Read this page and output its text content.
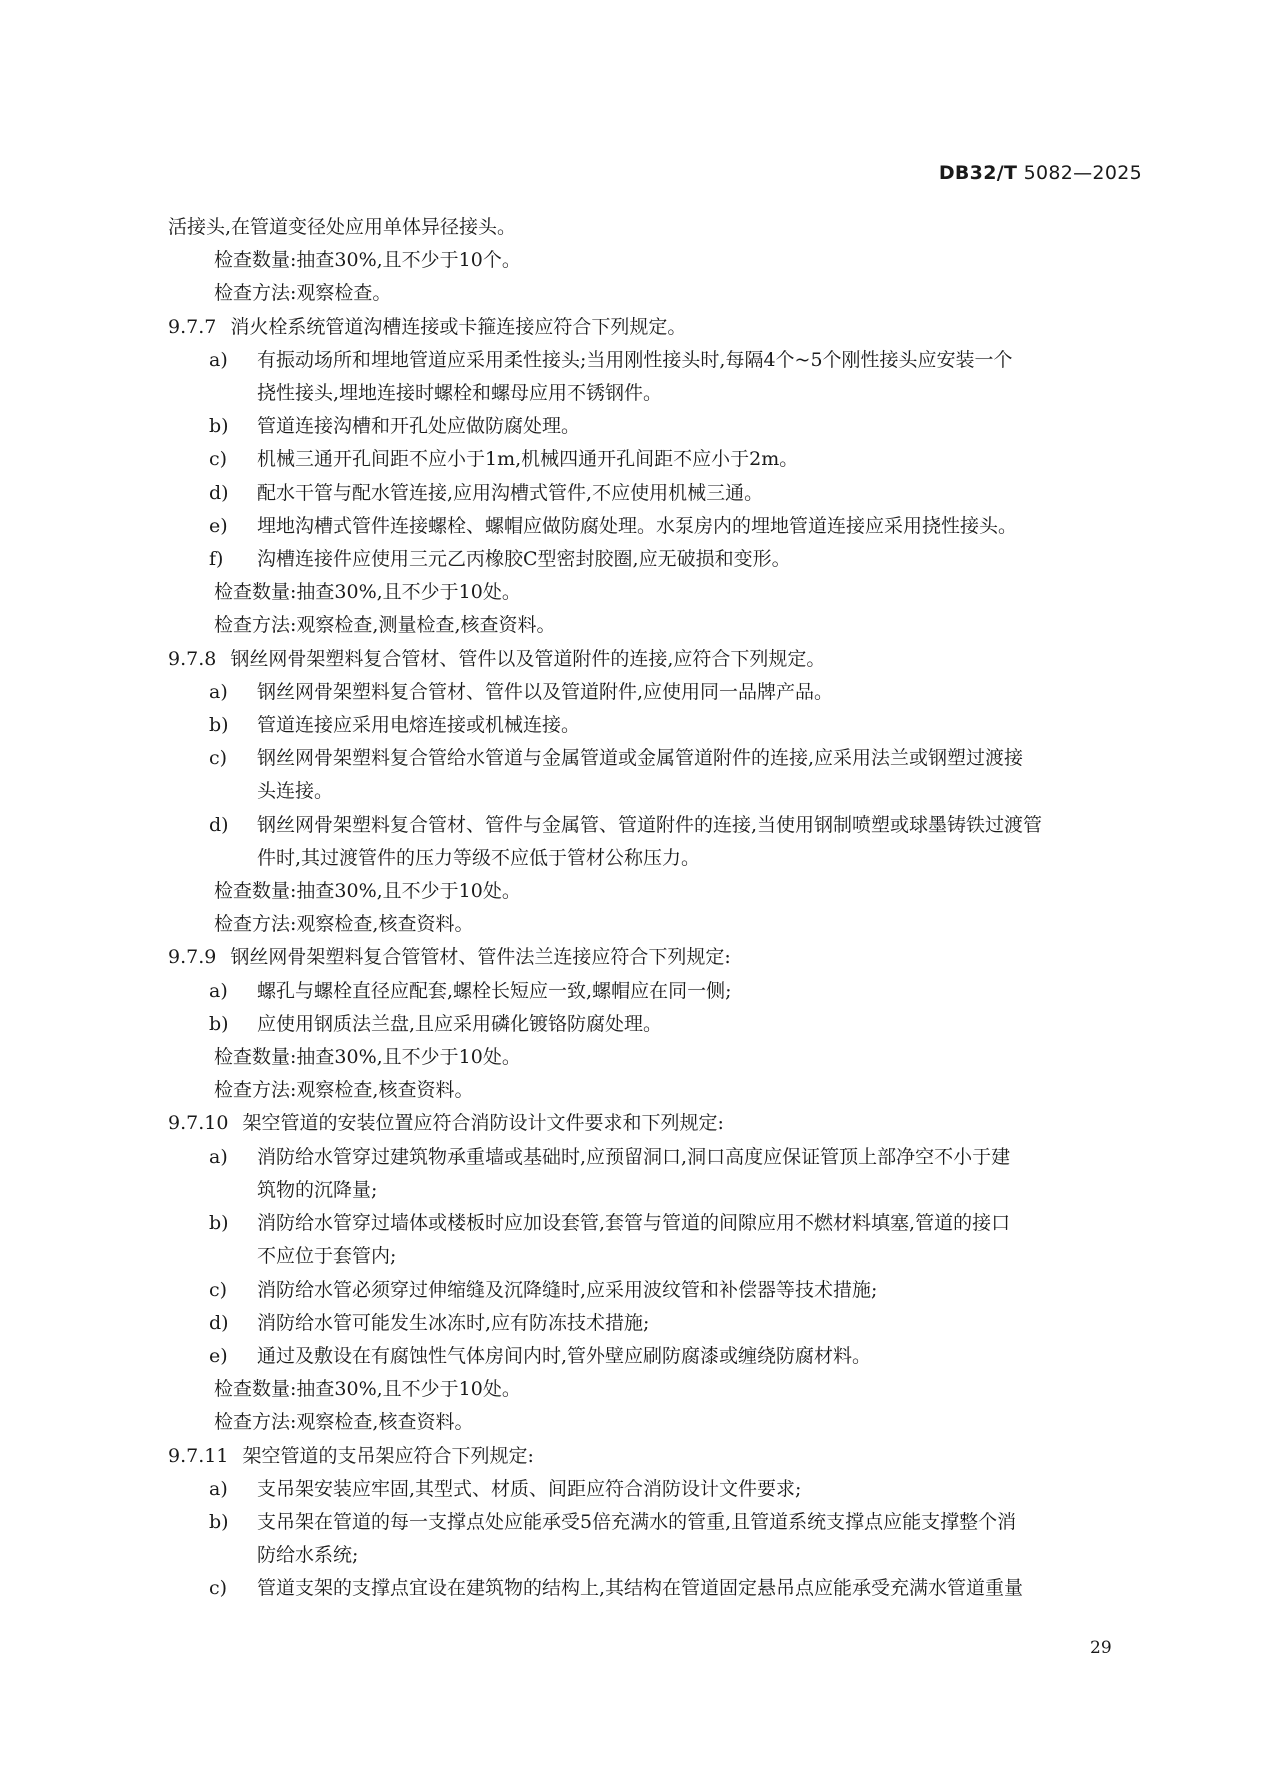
DB32/T 5082—2025
活接头,在管道变径处应用单体异径接头。
检查数量:抽查30%,且不少于10个。
检查方法:观察检查。
9.7.7 消火栓系统管道沟槽连接或卡箍连接应符合下列规定。
a) 有振动场所和埋地管道应采用柔性接头;当用刚性接头时,每隔4个~5个刚性接头应安装一个
挠性接头,埋地连接时螺栓和螺母应用不锈钢件。
b) 管道连接沟槽和开孔处应做防腐处理。
c) 机械三通开孔间距不应小于1m,机械四通开孔间距不应小于2m。
d) 配水干管与配水管连接,应用沟槽式管件,不应使用机械三通。
e) 埋地沟槽式管件连接螺栓、螺帽应做防腐处理。水泵房内的埋地管道连接应采用挠性接头。
f) 沟槽连接件应使用三元乙丙橡胶C型密封胶圈,应无破损和变形。
检查数量:抽查30%,且不少于10处。
检查方法:观察检查,测量检查,核查资料。
9.7.8 钢丝网骨架塑料复合管材、管件以及管道附件的连接,应符合下列规定。
a) 钢丝网骨架塑料复合管材、管件以及管道附件,应使用同一品牌产品。
b) 管道连接应采用电熔连接或机械连接。
c) 钢丝网骨架塑料复合管给水管道与金属管道或金属管道附件的连接,应采用法兰或钢塑过渡接
头连接。
d) 钢丝网骨架塑料复合管材、管件与金属管、管道附件的连接,当使用钢制喷塑或球墨铸铁过渡管
件时,其过渡管件的压力等级不应低于管材公称压力。
检查数量:抽查30%,且不少于10处。
检查方法:观察检查,核查资料。
9.7.9 钢丝网骨架塑料复合管管材、管件法兰连接应符合下列规定:
a) 螺孔与螺栓直径应配套,螺栓长短应一致,螺帽应在同一侧;
b) 应使用钢质法兰盘,且应采用磷化镀铬防腐处理。
检查数量:抽查30%,且不少于10处。
检查方法:观察检查,核查资料。
9.7.10 架空管道的安装位置应符合消防设计文件要求和下列规定:
a) 消防给水管穿过建筑物承重墙或基础时,应预留洞口,洞口高度应保证管顶上部净空不小于建
筑物的沉降量;
b) 消防给水管穿过墙体或楼板时应加设套管,套管与管道的间隙应用不燃材料填塞,管道的接口
不应位于套管内;
c) 消防给水管必须穿过伸缩缝及沉降缝时,应采用波纹管和补偿器等技术措施;
d) 消防给水管可能发生冰冻时,应有防冻技术措施;
e) 通过及敷设在有腐蚀性气体房间内时,管外壁应刷防腐漆或缠绕防腐材料。
检查数量:抽查30%,且不少于10处。
检查方法:观察检查,核查资料。
9.7.11 架空管道的支吊架应符合下列规定:
a) 支吊架安装应牢固,其型式、材质、间距应符合消防设计文件要求;
b) 支吊架在管道的每一支撑点处应能承受5倍充满水的管重,且管道系统支撑点应能支撑整个消
防给水系统;
c) 管道支架的支撑点宜设在建筑物的结构上,其结构在管道固定悬吊点应能承受充满水管道重量
29
